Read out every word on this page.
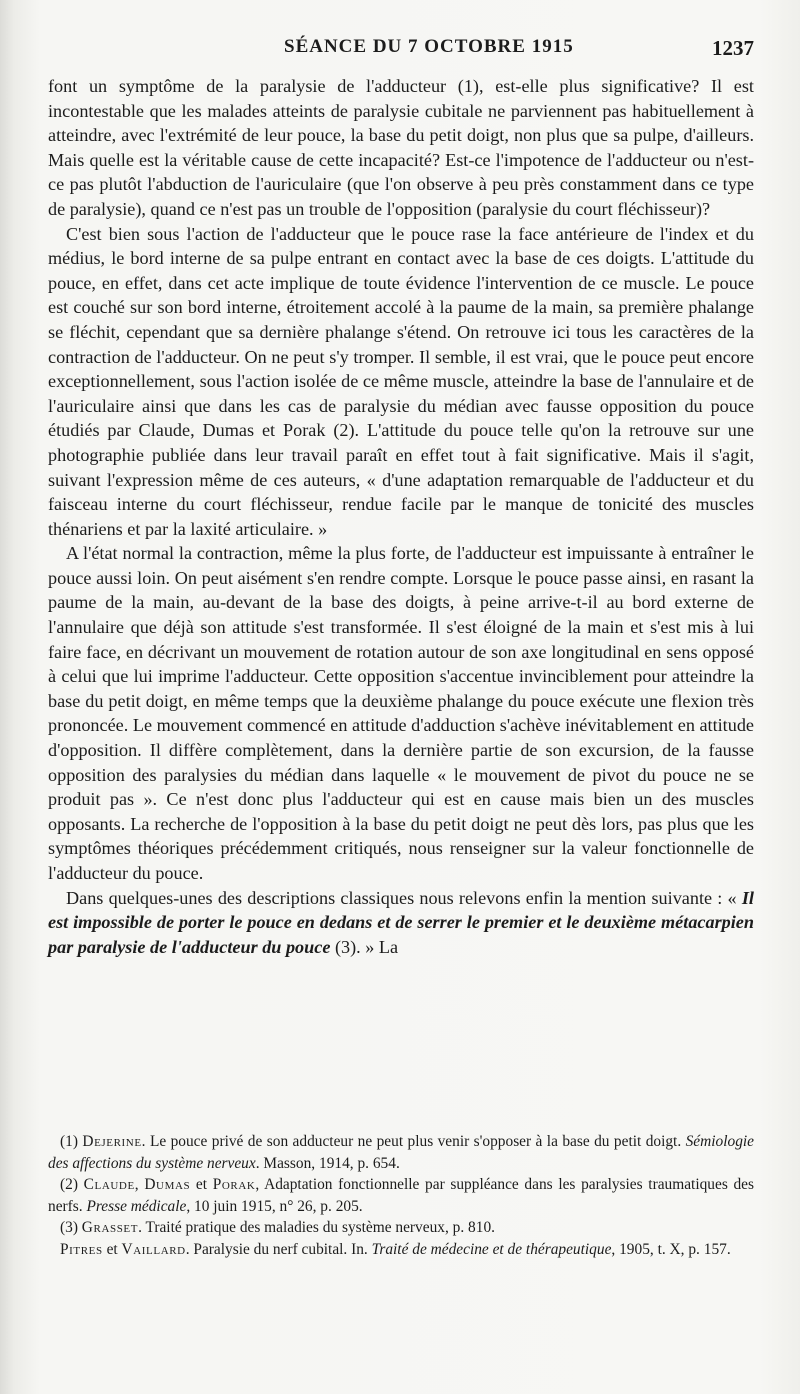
SÉANCE DU 7 OCTOBRE 1915	1237

font un symptôme de la paralysie de l'adducteur (1), est-elle plus significative? Il est incontestable que les malades atteints de paralysie cubitale ne parviennent pas habituellement à atteindre, avec l'extrémité de leur pouce, la base du petit doigt, non plus que sa pulpe, d'ailleurs. Mais quelle est la véritable cause de cette incapacité? Est-ce l'impotence de l'adducteur ou n'est-ce pas plutôt l'abduction de l'auriculaire (que l'on observe à peu près constamment dans ce type de paralysie), quand ce n'est pas un trouble de l'opposition (paralysie du court fléchisseur)?

C'est bien sous l'action de l'adducteur que le pouce rase la face antérieure de l'index et du médius, le bord interne de sa pulpe entrant en contact avec la base de ces doigts. L'attitude du pouce, en effet, dans cet acte implique de toute évidence l'intervention de ce muscle. Le pouce est couché sur son bord interne, étroitement accolé à la paume de la main, sa première phalange se fléchit, cependant que sa dernière phalange s'étend. On retrouve ici tous les caractères de la contraction de l'adducteur. On ne peut s'y tromper. Il semble, il est vrai, que le pouce peut encore exceptionnellement, sous l'action isolée de ce même muscle, atteindre la base de l'annulaire et de l'auriculaire ainsi que dans les cas de paralysie du médian avec fausse opposition du pouce étudiés par Claude, Dumas et Porak (2). L'attitude du pouce telle qu'on la retrouve sur une photographie publiée dans leur travail paraît en effet tout à fait significative. Mais il s'agit, suivant l'expression même de ces auteurs, « d'une adaptation remarquable de l'adducteur et du faisceau interne du court fléchisseur, rendue facile par le manque de tonicité des muscles thénariens et par la laxité articulaire. »

A l'état normal la contraction, même la plus forte, de l'adducteur est impuissante à entraîner le pouce aussi loin. On peut aisément s'en rendre compte. Lorsque le pouce passe ainsi, en rasant la paume de la main, au-devant de la base des doigts, à peine arrive-t-il au bord externe de l'annulaire que déjà son attitude s'est transformée. Il s'est éloigné de la main et s'est mis à lui faire face, en décrivant un mouvement de rotation autour de son axe longitudinal en sens opposé à celui que lui imprime l'adducteur. Cette opposition s'accentue invinciblement pour atteindre la base du petit doigt, en même temps que la deuxième phalange du pouce exécute une flexion très prononcée. Le mouvement commencé en attitude d'adduction s'achève inévitablement en attitude d'opposition. Il diffère complètement, dans la dernière partie de son excursion, de la fausse opposition des paralysies du médian dans laquelle « le mouvement de pivot du pouce ne se produit pas ». Ce n'est donc plus l'adducteur qui est en cause mais bien un des muscles opposants. La recherche de l'opposition à la base du petit doigt ne peut dès lors, pas plus que les symptômes théoriques précédemment critiqués, nous renseigner sur la valeur fonctionnelle de l'adducteur du pouce.

Dans quelques-unes des descriptions classiques nous relevons enfin la mention suivante : « Il est impossible de porter le pouce en dedans et de serrer le premier et le deuxième métacarpien par paralysie de l'adducteur du pouce (3). » La

(1) Dejerine. Le pouce privé de son adducteur ne peut plus venir s'opposer à la base du petit doigt. Sémiologie des affections du système nerveux. Masson, 1914, p. 654.

(2) Claude, Dumas et Porak, Adaptation fonctionnelle par suppléance dans les paralysies traumatiques des nerfs. Presse médicale, 10 juin 1915, n° 26, p. 205.

(3) Grasset. Traité pratique des maladies du système nerveux, p. 810.

Pitres et Vaillard. Paralysie du nerf cubital. In. Traité de médecine et de thérapeutique, 1905, t. X, p. 157.
